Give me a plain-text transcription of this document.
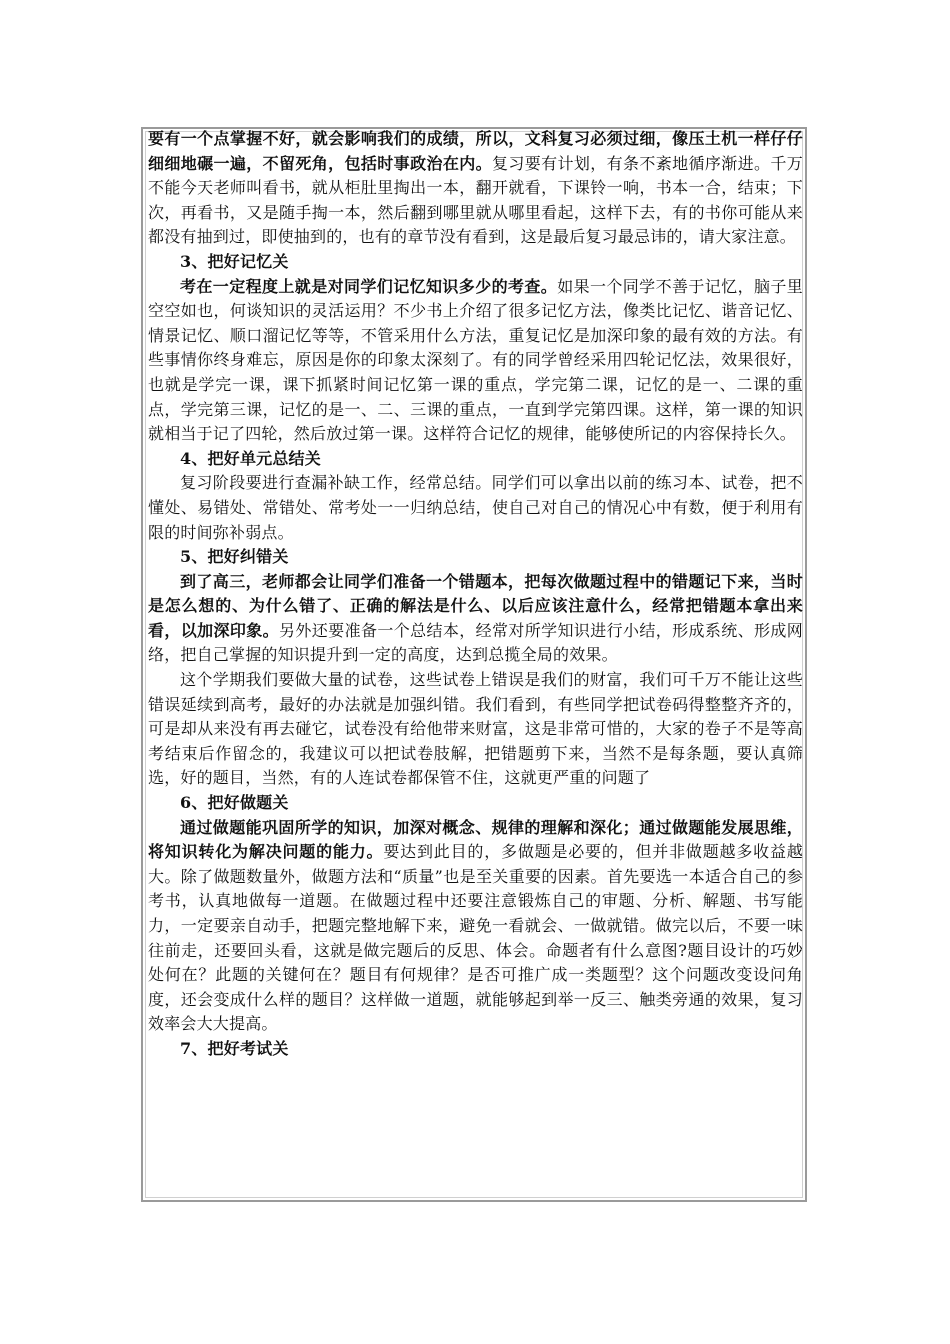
要有一个点掌握不好，就会影响我们的成绩，所以，文科复习必须过细，像压土机一样仔仔细细地碾一遍，不留死角，包括时事政治在内。复习要有计划，有条不紊地循序渐进。千万不能今天老师叫看书，就从柜肚里掏出一本，翻开就看，下课铃一响，书本一合，结束；下次，再看书，又是随手掏一本，然后翻到哪里就从哪里看起，这样下去，有的书你可能从来都没有抽到过，即使抽到的，也有的章节没有看到，这是最后复习最忌讳的，请大家注意。

3、把好记忆关

考在一定程度上就是对同学们记忆知识多少的考查。如果一个同学不善于记忆，脑子里空空如也，何谈知识的灵活运用？不少书上介绍了很多记忆方法，像类比记忆、谐音记忆、情景记忆、顺口溜记忆等等，不管采用什么方法，重复记忆是加深印象的最有效的方法。有些事情你终身难忘，原因是你的印象太深刻了。有的同学曾经采用四轮记忆法，效果很好，也就是学完一课，课下抓紧时间记忆第一课的重点，学完第二课，记忆的是一、二课的重点，学完第三课，记忆的是一、二、三课的重点，一直到学完第四课。这样，第一课的知识就相当于记了四轮，然后放过第一课。这样符合记忆的规律，能够使所记的内容保持长久。

4、把好单元总结关

复习阶段要进行查漏补缺工作，经常总结。同学们可以拿出以前的练习本、试卷，把不懂处、易错处、常错处、常考处一一归纳总结，使自己对自己的情况心中有数，便于利用有限的时间弥补弱点。

5、把好纠错关

到了高三，老师都会让同学们准备一个错题本，把每次做题过程中的错题记下来，当时是怎么想的、为什么错了、正确的解法是什么、以后应该注意什么，经常把错题本拿出来看，以加深印象。另外还要准备一个总结本，经常对所学知识进行小结，形成系统、形成网络，把自己掌握的知识提升到一定的高度，达到总揽全局的效果。

这个学期我们要做大量的试卷，这些试卷上错误是我们的财富，我们可千万不能让这些错误延续到高考，最好的办法就是加强纠错。我们看到，有些同学把试卷码得整整齐齐的，可是却从来没有再去碰它，试卷没有给他带来财富，这是非常可惜的，大家的卷子不是等高考结束后作留念的，我建议可以把试卷肢解，把错题剪下来，当然不是每条题，要认真筛选，好的题目，当然，有的人连试卷都保管不住，这就更严重的问题了

6、把好做题关

通过做题能巩固所学的知识，加深对概念、规律的理解和深化；通过做题能发展思维，将知识转化为解决问题的能力。要达到此目的，多做题是必要的，但并非做题越多收益越大。除了做题数量外，做题方法和“质量”也是至关重要的因素。首先要选一本适合自己的参考书，认真地做每一道题。在做题过程中还要注意锻炼自己的审题、分析、解题、书写能力，一定要亲自动手，把题完整地解下来，避免一看就会、一做就错。做完以后，不要一味往前走，还要回头看，这就是做完题后的反思、体会。命题者有什么意图?题目设计的巧妙处何在？此题的关键何在？题目有何规律？是否可推广成一类题型？这个问题改变设问角度，还会变成什么样的题目？这样做一道题，就能够起到举一反三、触类旁通的效果，复习效率会大大提高。

7、把好考试关
